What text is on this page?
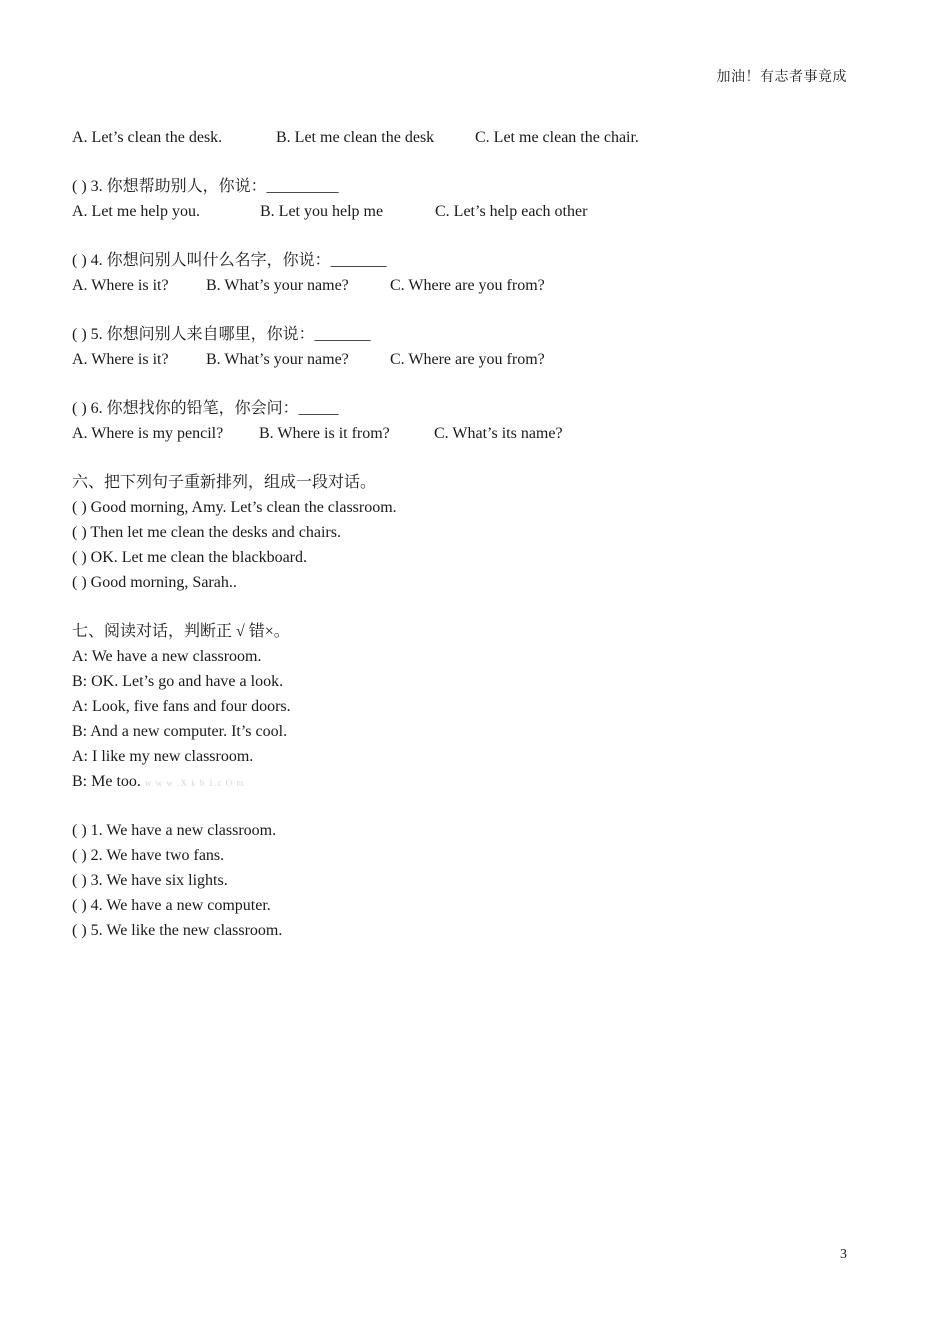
加油！有志者事竟成
A. Let’s clean the desk.	B. Let me clean the desk	C. Let me clean the chair.
( ) 3. 你想帮助别人，你说：_________
A. Let me help you.	B. Let you help me	C. Let’s help each other
( ) 4. 你想问别人叫什么名字，你说：_______
A. Where is it?	B. What’s your name?	C. Where are you from?
( ) 5. 你想问别人来自哪里，你说：_______
A. Where is it?	B. What’s your name?	C. Where are you from?
( ) 6. 你想找你的铅笔，你会问：_____
A. Where is my pencil?	B. Where is it from?	C. What’s its name?
六、把下列句子重新排列，组成一段对话。
( ) Good morning, Amy. Let’s clean the classroom.
( ) Then let me clean the desks and chairs.
( ) OK. Let me clean the blackboard.
( ) Good morning, Sarah..
七、阅读对话，判断正 √ 错×。
A: We have a new classroom.
B: OK. Let’s go and have a look.
A: Look, five fans and four doors.
B: And a new computer. It’s cool.
A: I like my new classroom.
B: Me too. w w w .X k b 1.c O m
( ) 1. We have a new classroom.
( ) 2. We have two fans.
( ) 3. We have six lights.
( ) 4. We have a new computer.
( ) 5. We like the new classroom.
3
